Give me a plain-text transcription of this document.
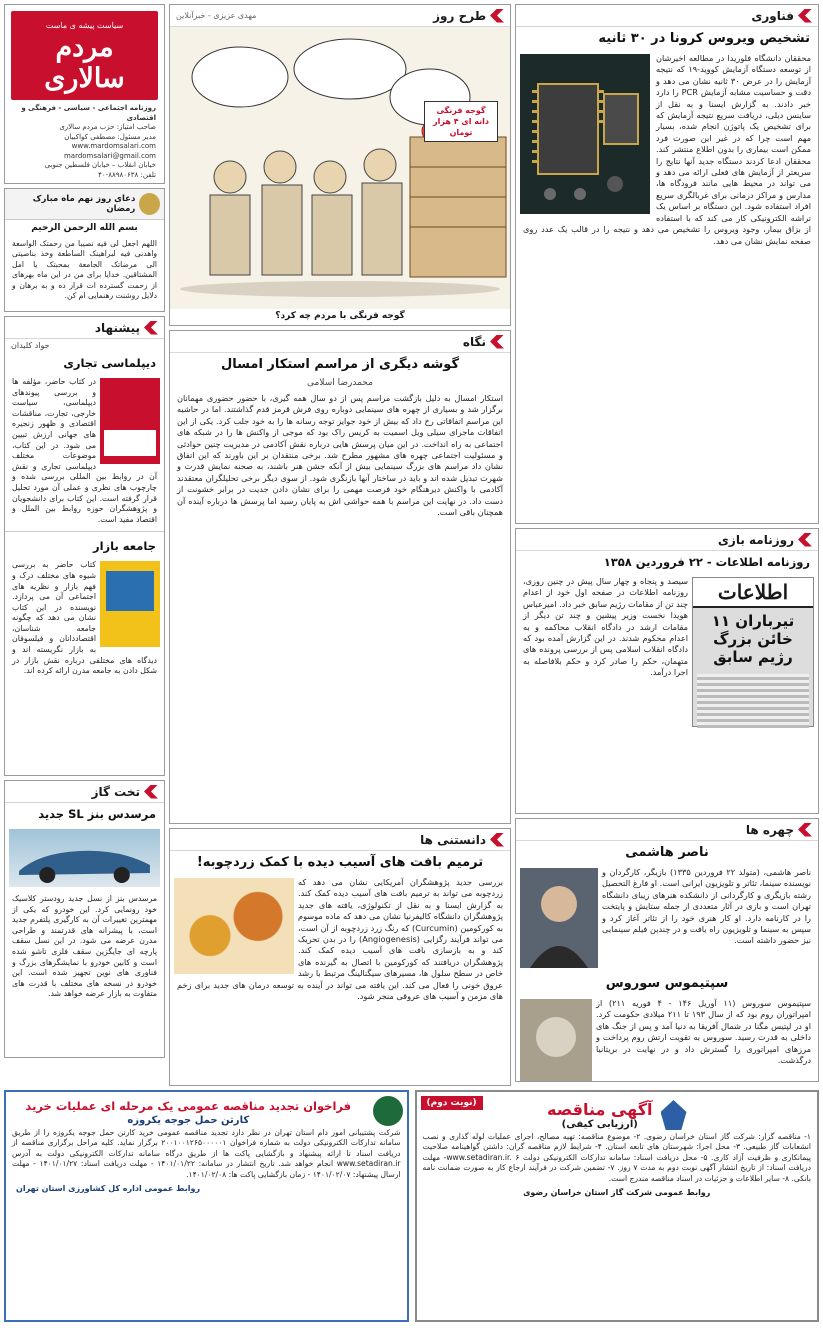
فناوری
تشخیص ویروس کرونا در ۳۰ ثانیه
محققان دانشگاه فلوریدا در مطالعه اخیرشان از توسعه دستگاه آزمایش کووید-۱۹ که نتیجه آزمایش را در عرض ۳۰ ثانیه نشان می دهد و دقت و حساسیت مشابه آزمایش PCR را دارد خبر دادند. به گزارش ایسنا و به نقل از ساینس دیلی، دریافت سریع نتیجه آزمایش که برای تشخیص یک پاتوژن انجام شده، بسیار مهم است چرا که در غیر این صورت فرد ممکن است بیماری را بدون اطلاع منتشر کند. محققان ادعا کردند دستگاه جدید آنها نتایج را سریعتر از آزمایش های فعلی ارائه می دهد و می تواند در محیط هایی مانند فرودگاه ها، مدارس و مراکز درمانی برای غربالگری سریع افراد استفاده شود. این دستگاه بر اساس یک تراشه الکترونیکی کار می کند که با استفاده از بزاق بیمار، وجود ویروس را تشخیص می دهد و نتیجه را در قالب یک عدد روی صفحه نمایش نشان می دهد.
روزنامه بازی
روزنامه اطلاعات - ۲۲ فروردین ۱۳۵۸
اطلاعات
تیرباران ۱۱ خائن بزرگ رژیم سابق
سیصد و پنجاه و چهار سال پیش در چنین روزی، روزنامه اطلاعات در صفحه اول خود از اعدام چند تن از مقامات رژیم سابق خبر داد. امیرعباس هویدا نخست وزیر پیشین و چند تن دیگر از مقامات ارشد در دادگاه انقلاب محاکمه و به اعدام محکوم شدند. در این گزارش آمده بود که دادگاه انقلاب اسلامی پس از بررسی پرونده های متهمان، حکم را صادر کرد و حکم بلافاصله به اجرا درآمد.
چهره ها
ناصر هاشمی
ناصر هاشمی، (متولد ۲۲ فروردین ۱۳۳۵) بازیگر، کارگردان و نویسنده سینما، تئاتر و تلویزیون ایرانی است. او فارغ التحصیل رشته بازیگری و کارگردانی از دانشکده هنرهای زیبای دانشگاه تهران است و بازی در آثار متعددی از جمله ستایش و پایتخت را در کارنامه دارد. او کار هنری خود را از تئاتر آغاز کرد و سپس به سینما و تلویزیون راه یافت و در چندین فیلم سینمایی نیز حضور داشته است.
سپتیموس سوروس
سپتیموس سوروس (۱۱ آوریل ۱۴۶ - ۴ فوریه ۲۱۱) از امپراتوران روم بود که از سال ۱۹۳ تا ۲۱۱ میلادی حکومت کرد. او در لپتیس مگنا در شمال آفریقا به دنیا آمد و پس از جنگ های داخلی به قدرت رسید. سوروس به تقویت ارتش روم پرداخت و مرزهای امپراتوری را گسترش داد و در نهایت در بریتانیا درگذشت.
طرح روز
مهدی عزیزی - خبرآنلاین
گوجه فرنگی دانه ای ۴ هزار تومان
گوجه فرنگی با مردم چه کرد؟
نگاه
گوشه دیگری از مراسم استکار امسال
محمدرضا اسلامی
استکار امسال به دلیل بازگشت مراسم پس از دو سال همه گیری، با حضور حضوری مهمانان برگزار شد و بسیاری از چهره های سینمایی دوباره روی فرش قرمز قدم گذاشتند. اما در حاشیه این مراسم اتفاقاتی رخ داد که بیش از خود جوایز توجه رسانه ها را به خود جلب کرد. یکی از این اتفاقات ماجرای سیلی ویل اسمیت به کریس راک بود که موجی از واکنش ها را در شبکه های اجتماعی به راه انداخت. در این میان پرسش هایی درباره نقش آکادمی در مدیریت چنین حوادثی و مسئولیت اجتماعی چهره های مشهور مطرح شد. برخی منتقدان بر این باورند که این اتفاق نشان داد مراسم های بزرگ سینمایی بیش از آنکه جشن هنر باشند، به صحنه نمایش قدرت و شهرت تبدیل شده اند و باید در ساختار آنها بازنگری شود. از سوی دیگر برخی تحلیلگران معتقدند آکادمی با واکنش دیرهنگام خود فرصت مهمی را برای نشان دادن جدیت در برابر خشونت از دست داد. در نهایت این مراسم با همه حواشی اش به پایان رسید اما پرسش ها درباره آینده آن همچنان باقی است.
دانستنی ها
ترمیم بافت های آسیب دیده با کمک زردچوبه!
بررسی جدید پژوهشگران آمریکایی نشان می دهد که زردچوبه می تواند به ترمیم بافت های آسیب دیده کمک کند. به گزارش ایسنا و به نقل از تکنولوژی، یافته های جدید پژوهشگران دانشگاه کالیفرنیا نشان می دهد که ماده موسوم به کورکومین (Curcumin) که رنگ زرد زردچوبه از آن است، می تواند فرآیند رگزایی (Angiogenesis) را در بدن تحریک کند و به بازسازی بافت های آسیب دیده کمک کند. پژوهشگران دریافتند که کورکومین با اتصال به گیرنده های خاص در سطح سلول ها، مسیرهای سیگنالینگ مرتبط با رشد عروق خونی را فعال می کند. این یافته می تواند در آینده به توسعه درمان های جدید برای زخم های مزمن و آسیب های عروقی منجر شود.
سیاست پیشه ی ماست
مردم سالاری
روزنامه اجتماعی - سیاسی - فرهنگی و اقتصادی
صاحب امتیاز: حزب مردم سالاری
مدیر مسئول: مصطفی کواکبیان
www.mardomsalari.com
mardomsalari@gmail.com
خیابان انقلاب – خیابان فلسطین جنوبی
تلفن: ۸۸۹۸۰۶۳۸-۴۰
دعای روز نهم ماه مبارک رمضان
بسم الله الرحمن الرحیم
اللهم اجعل لی فیه نصیبا من رحمتک الواسعة واهدنی فیه لبراهینک الساطعة وخذ بناصیتی الی مرضاتک الجامعة بمحبتک یا امل المشتاقین. خدایا برای من در این ماه بهرهای از رحمت گسترده ات قرار ده و به برهان و دلایل روشنت رهنمایی ام کن.
پیشنهاد
جواد کلیدان
دیپلماسی تجاری
در کتاب حاضر، مؤلفه ها و بررسی پیوندهای دیپلماسی، سیاست خارجی، تجارت، مناقشات اقتصادی و ظهور زنجیره های جهانی ارزش تبیین می شود. در این کتاب، موضوعات مختلف دیپلماسی تجاری و نقش آن در روابط بین المللی بررسی شده و چارچوب های نظری و عملی آن مورد تحلیل قرار گرفته است. این کتاب برای دانشجویان و پژوهشگران حوزه روابط بین الملل و اقتصاد مفید است.
جامعه بازار
کتاب حاضر به بررسی شیوه های مختلف درک و فهم بازار و نظریه های اجتماعی آن می پردازد. نویسنده در این کتاب نشان می دهد که چگونه جامعه شناسان، اقتصاددانان و فیلسوفان به بازار نگریسته اند و دیدگاه های مختلفی درباره نقش بازار در شکل دادن به جامعه مدرن ارائه کرده اند.
تخت گاز
مرسدس بنز SL جدید
مرسدس بنز از نسل جدید رودستر کلاسیک خود رونمایی کرد. این خودرو که یکی از مهمترین تغییرات آن به کارگیری پلتفرم جدید است، با پیشرانه های قدرتمند و طراحی مدرن عرضه می شود. در این نسل سقف پارچه ای جایگزین سقف فلزی تاشو شده است و کابین خودرو با نمایشگرهای بزرگ و فناوری های نوین تجهیز شده است. این خودرو در نسخه های مختلف با قدرت های متفاوت به بازار عرضه خواهد شد.
(نوبت دوم)	آگهی مناقصه
(ارزیابی کیفی)
۱- مناقصه گزار: شرکت گاز استان خراسان رضوی. ۲- موضوع مناقصه: تهیه مصالح، اجرای عملیات لوله گذاری و نصب انشعابات گاز طبیعی. ۳- محل اجرا: شهرستان های تابعه استان. ۴- شرایط لازم مناقصه گران: داشتن گواهینامه صلاحیت پیمانکاری و ظرفیت آزاد کاری. ۵- محل دریافت اسناد: سامانه تدارکات الکترونیکی دولت www.setadiran.ir. ۶- مهلت دریافت اسناد: از تاریخ انتشار آگهی نوبت دوم به مدت ۷ روز. ۷- تضمین شرکت در فرآیند ارجاع کار به صورت ضمانت نامه بانکی. ۸- سایر اطلاعات و جزئیات در اسناد مناقصه مندرج است.
روابط عمومی شرکت گاز استان خراسان رضوی
فراخوان تجدید مناقصه عمومی یک مرحله ای عملیات خرید
کارتن حمل جوجه یکروزه
شرکت پشتیبانی امور دام استان تهران در نظر دارد تجدید مناقصه عمومی خرید کارتن حمل جوجه یکروزه را از طریق سامانه تدارکات الکترونیکی دولت به شماره فراخوان ۲۰۰۱۰۰۱۲۶۵۰۰۰۰۰۱ برگزار نماید. کلیه مراحل برگزاری مناقصه از دریافت اسناد تا ارائه پیشنهاد و بازگشایی پاکت ها از طریق درگاه سامانه تدارکات الکترونیکی دولت به آدرس www.setadiran.ir انجام خواهد شد. تاریخ انتشار در سامانه: ۱۴۰۱/۰۱/۲۲ - مهلت دریافت اسناد: ۱۴۰۱/۰۱/۲۷ - مهلت ارسال پیشنهاد: ۱۴۰۱/۰۲/۰۷ - زمان بازگشایی پاکت ها: ۱۴۰۱/۰۲/۰۸.
روابط عمومی اداره کل کشاورزی استان تهران
